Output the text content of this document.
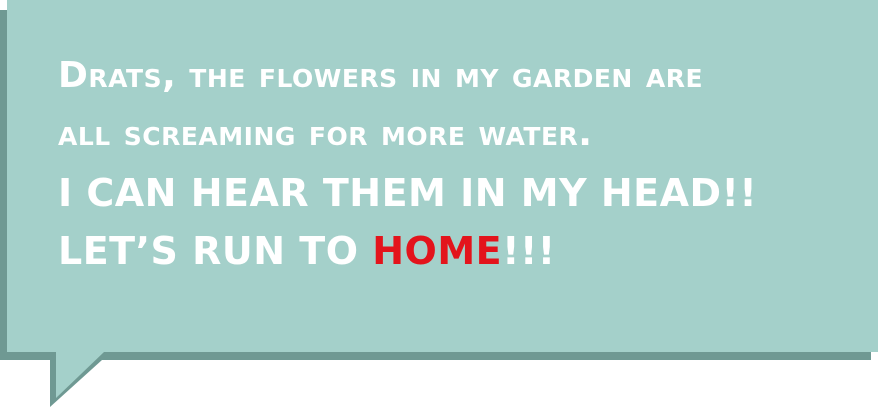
Drats, the flowers in my garden are
all screaming for more water.
I CAN HEAR THEM IN MY HEAD!!
LET’S RUN TO HOME!!!
